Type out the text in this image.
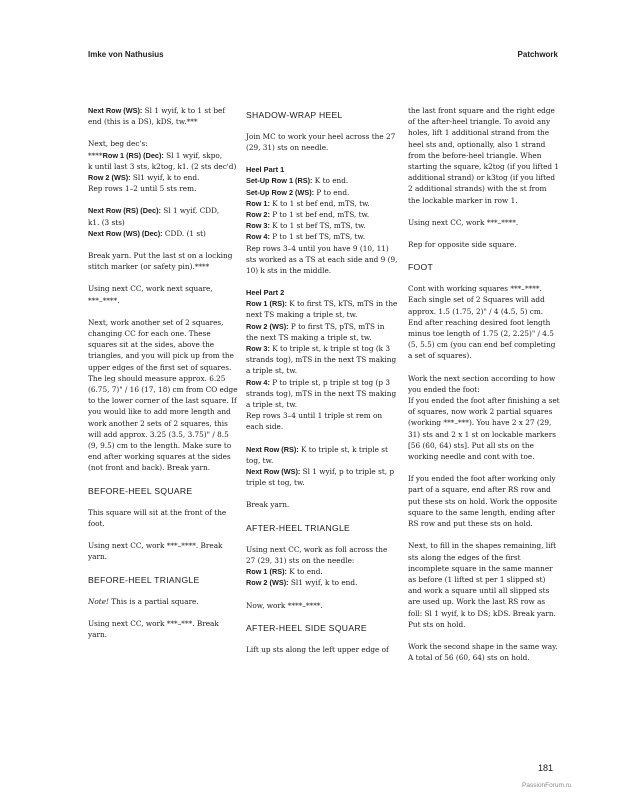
Imke von Nathusius	Patchwork

Next Row (WS): Sl 1 wyif, k to 1 st bef
end (this is a DS), kDS, tw.***

Next, beg dec's:
****Row 1 (RS) (Dec): Sl 1 wyif, skpo,
k until last 3 sts, k2tog, k1. (2 sts dec'd)
Row 2 (WS): Sl1 wyif, k to end.
Rep rows 1–2 until 5 sts rem.

Next Row (RS) (Dec): Sl 1 wyif, CDD,
k1. (3 sts)
Next Row (WS) (Dec): CDD. (1 st)

Break yarn. Put the last st on a locking
stitch marker (or safety pin).****

Using next CC, work next square,
***–****.

Next, work another set of 2 squares, changing CC for each one. These squares sit at the sides, above the triangles, and you will pick up from the upper edges of the first set of squares. The leg should measure approx. 6.25 (6.75, 7)" / 16 (17, 18) cm from CO edge to the lower corner of the last square. If you would like to add more length and work another 2 sets of 2 squares, this will add approx. 3.25 (3.5, 3.75)" / 8.5 (9, 9.5) cm to the length. Make sure to end after working squares at the sides (not front and back). Break yarn.

BEFORE-HEEL SQUARE

This square will sit at the front of the foot.

Using next CC, work ***–****. Break yarn.

BEFORE-HEEL TRIANGLE

Note! This is a partial square.

Using next CC, work ***–***. Break yarn.

SHADOW-WRAP HEEL

Join MC to work your heel across the 27 (29, 31) sts on needle.

Heel Part 1

Set-Up Row 1 (RS): K to end.
Set-Up Row 2 (WS): P to end.
Row 1: K to 1 st bef end, mTS, tw.
Row 2: P to 1 st bef end, mTS, tw.
Row 3: K to 1 st bef TS, mTS, tw.
Row 4: P to 1 st bef TS, mTS, tw.
Rep rows 3–4 until you have 9 (10, 11) sts worked as a TS at each side and 9 (9, 10) k sts in the middle.

Heel Part 2

Row 1 (RS): K to first TS, kTS, mTS in the next TS making a triple st, tw.
Row 2 (WS): P to first TS, pTS, mTS in the next TS making a triple st, tw.
Row 3: K to triple st, k triple st tog (k 3 strands tog), mTS in the next TS making a triple st, tw.
Row 4: P to triple st, p triple st tog (p 3 strands tog), mTS in the next TS making a triple st, tw.
Rep rows 3–4 until 1 triple st rem on each side.

Next Row (RS): K to triple st, k triple st tog, tw.
Next Row (WS): Sl 1 wyif, p to triple st, p triple st tog, tw.

Break yarn.

AFTER-HEEL TRIANGLE

Using next CC, work as foll across the 27 (29, 31) sts on the needle:
Row 1 (RS): K to end.
Row 2 (WS): Sl1 wyif, k to end.

Now, work ****–****.

AFTER-HEEL SIDE SQUARE

Lift up sts along the left upper edge of

the last front square and the right edge of the after-heel triangle. To avoid any holes, lift 1 additional strand from the heel sts and, optionally, also 1 strand from the before-heel triangle. When starting the square, k2tog (if you lifted 1 additional strand) or k3tog (if you lifted 2 additional strands) with the st from the lockable marker in row 1.

Using next CC, work ***–****.

Rep for opposite side square.

FOOT

Cont with working squares ***–****. Each single set of 2 Squares will add approx. 1.5 (1.75, 2)" / 4 (4.5, 5) cm. End after reaching desired foot length minus toe length of 1.75 (2, 2.25)" / 4.5 (5, 5.5) cm (you can end bef completing a set of squares).

Work the next section according to how you ended the foot:
If you ended the foot after finishing a set of squares, now work 2 partial squares (working ***–***). You have 2 x 27 (29, 31) sts and 2 x 1 st on lockable markers [56 (60, 64) sts]. Put all sts on the working needle and cont with toe.

If you ended the foot after working only part of a square, end after RS row and put these sts on hold. Work the opposite square to the same length, ending after RS row and put these sts on hold.

Next, to fill in the shapes remaining, lift sts along the edges of the first incomplete square in the same manner as before (1 lifted st per 1 slipped st) and work a square until all slipped sts are used up. Work the last RS row as foll: Sl 1 wyif, k to DS; kDS. Break yarn. Put sts on hold.

Work the second shape in the same way. A total of 56 (60, 64) sts on hold.

181
PassionForum.ru
